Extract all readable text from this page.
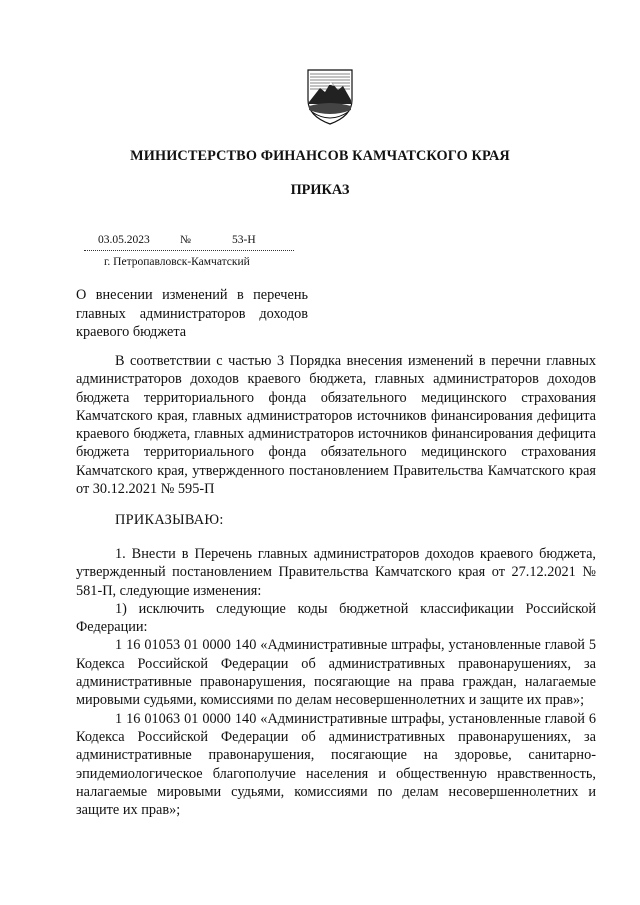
МИНИСТЕРСТВО ФИНАНСОВ КАМЧАТСКОГО КРАЯ
ПРИКАЗ
03.05.2023	№	53-Н
г. Петропавловск-Камчатский
О внесении изменений в перечень главных администраторов доходов краевого бюджета

В соответствии с частью 3 Порядка внесения изменений в перечни главных администраторов доходов краевого бюджета, главных администраторов доходов бюджета территориального фонда обязательного медицинского страхования Камчатского края, главных администраторов источников финансирования дефицита краевого бюджета, главных администраторов источников финансирования дефицита бюджета территориального фонда обязательного медицинского страхования Камчатского края, утвержденного постановлением Правительства Камчатского края от 30.12.2021 № 595-П

ПРИКАЗЫВАЮ:

1. Внести в Перечень главных администраторов доходов краевого бюджета, утвержденный постановлением Правительства Камчатского края от 27.12.2021 № 581-П, следующие изменения:

1) исключить следующие коды бюджетной классификации Российской Федерации:

1 16 01053 01 0000 140 «Административные штрафы, установленные главой 5 Кодекса Российской Федерации об административных правонарушениях, за административные правонарушения, посягающие на права граждан, налагаемые мировыми судьями, комиссиями по делам несовершеннолетних и защите их прав»;

1 16 01063 01 0000 140 «Административные штрафы, установленные главой 6 Кодекса Российской Федерации об административных правонарушениях, за административные правонарушения, посягающие на здоровье, санитарно-эпидемиологическое благополучие населения и общественную нравственность, налагаемые мировыми судьями, комиссиями по делам несовершеннолетних и защите их прав»;
